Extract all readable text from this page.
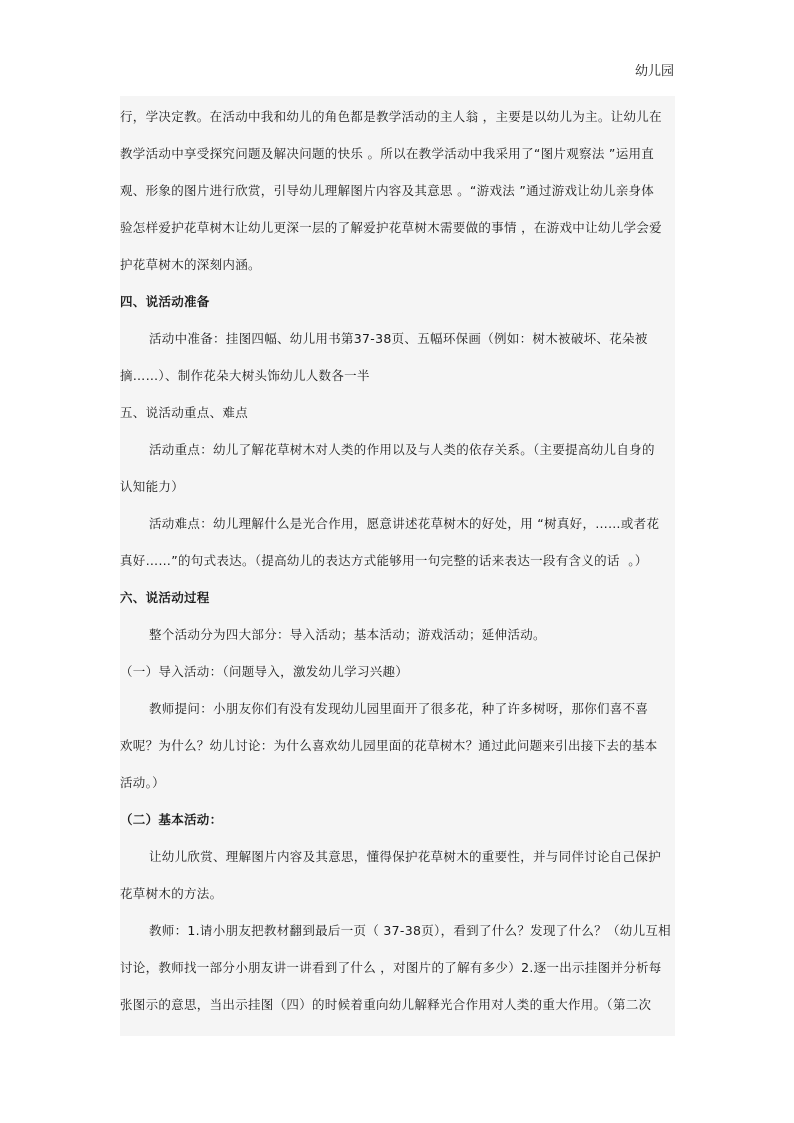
幼儿园

行，学决定教。在活动中我和幼儿的角色都是教学活动的主人翁 ，主要是以幼儿为主。让幼儿在

教学活动中享受探究问题及解决问题的快乐 。所以在教学活动中我采用了“图片观察法 ”运用直

观、形象的图片进行欣赏，引导幼儿理解图片内容及其意思 。“游戏法 ”通过游戏让幼儿亲身体

验怎样爱护花草树木让幼儿更深一层的了解爱护花草树木需要做的事情 ，在游戏中让幼儿学会爱

护花草树木的深刻内涵。

四、说活动准备

活动中准备：挂图四幅、幼儿用书第37-38页、五幅环保画（例如：树木被破坏、花朵被

摘……）、制作花朵大树头饰幼儿人数各一半

五、说活动重点、难点

活动重点：幼儿了解花草树木对人类的作用以及与人类的依存关系。（主要提高幼儿自身的

认知能力）

活动难点：幼儿理解什么是光合作用，愿意讲述花草树木的好处，用 “树真好，……或者花

真好……”的句式表达。（提高幼儿的表达方式能够用一句完整的话来表达一段有含义的话  。）

六、说活动过程

整个活动分为四大部分：导入活动；基本活动；游戏活动；延伸活动。

（一）导入活动：（问题导入，激发幼儿学习兴趣）

教师提问：小朋友你们有没有发现幼儿园里面开了很多花，种了许多树呀，那你们喜不喜

欢呢？为什么？幼儿讨论：为什么喜欢幼儿园里面的花草树木？通过此问题来引出接下去的基本

活动。）

（二）基本活动：

让幼儿欣赏、理解图片内容及其意思，懂得保护花草树木的重要性，并与同伴讨论自己保护

花草树木的方法。

教师：1.请小朋友把教材翻到最后一页（ 37-38页），看到了什么？发现了什么？（幼儿互相

讨论，教师找一部分小朋友讲一讲看到了什么 ，对图片的了解有多少）2.逐一出示挂图并分析每

张图示的意思，当出示挂图（四）的时候着重向幼儿解释光合作用对人类的重大作用。（第二次
